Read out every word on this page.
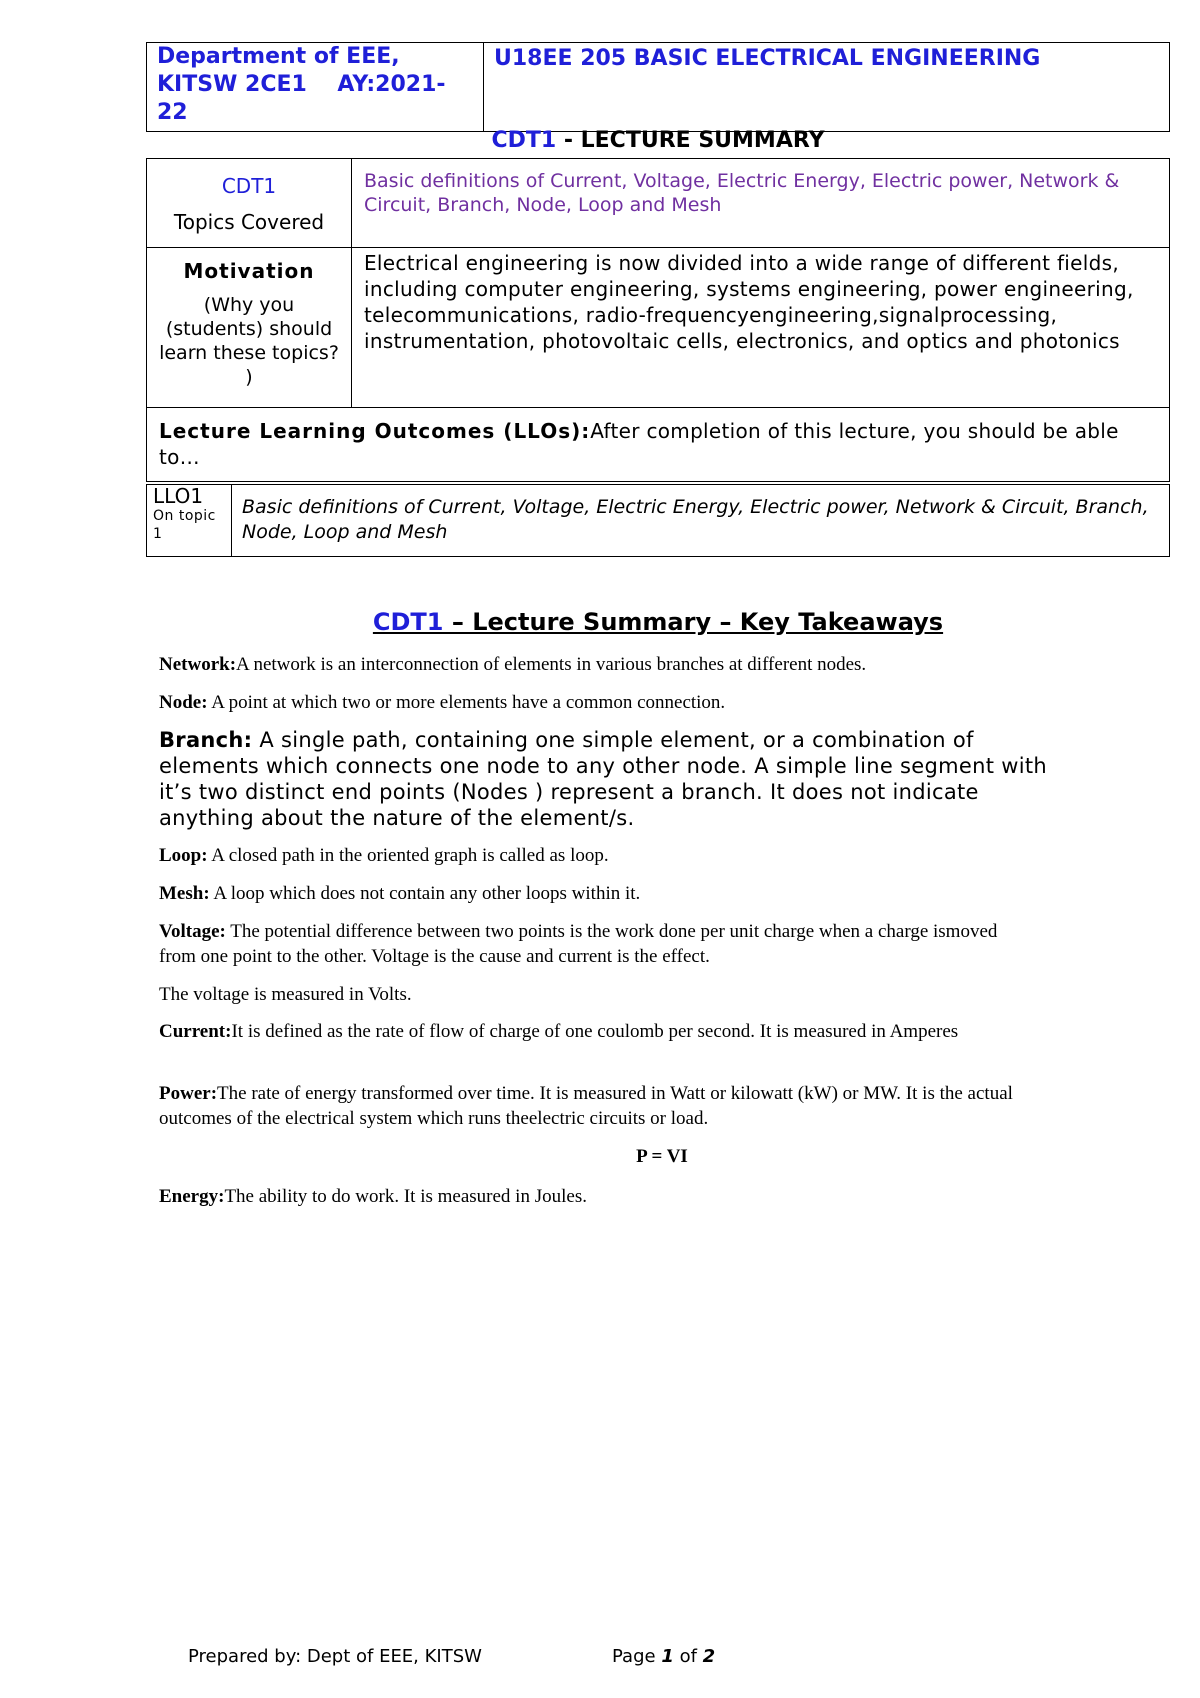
Department of EEE,
KITSW 2CE1    AY:2021-
22
	U18EE 205 BASIC ELECTRICAL ENGINEERING
CDT1 - LECTURE SUMMARY
CDT1
Topics Covered	Basic definitions of Current, Voltage, Electric Energy, Electric power, Network & Circuit, Branch, Node, Loop and Mesh

Motivation
(Why you (students) should learn these topics? )	Electrical engineering is now divided into a wide range of different fields, including computer engineering, systems engineering, power engineering, telecommunications, radio-frequencyengineering,signalprocessing, instrumentation, photovoltaic cells, electronics, and optics and photonics
Lecture Learning Outcomes (LLOs):After completion of this lecture, you should be able to…	
LLO1
On topic 1
	Basic definitions of Current, Voltage, Electric Energy, Electric power, Network & Circuit, Branch, Node, Loop and Mesh
CDT1 – Lecture Summary – Key Takeaways
Network:A network is an interconnection of elements in various branches at different nodes.
Node: A point at which two or more elements have a common connection.
Branch: A single path, containing one simple element, or a combination of elements which connects one node to any other node. A simple line segment with it’s two distinct end points (Nodes ) represent a branch. It does not indicate anything about the nature of the element/s.
Loop: A closed path in the oriented graph is called as loop.
Mesh: A loop which does not contain any other loops within it.
Voltage: The potential difference between two points is the work done per unit charge when a charge ismoved from one point to the other. Voltage is the cause and current is the effect.
The voltage is measured in Volts.
Current:It is defined as the rate of flow of charge of one coulomb per second. It is measured in Amperes
Power:The rate of energy transformed over time. It is measured in Watt or kilowatt (kW) or MW. It is the actual outcomes of the electrical system which runs theelectric circuits or load.
P = VI
Energy:The ability to do work. It is measured in Joules.
Prepared by: Dept of EEE, KITSW	Page 1 of 2
